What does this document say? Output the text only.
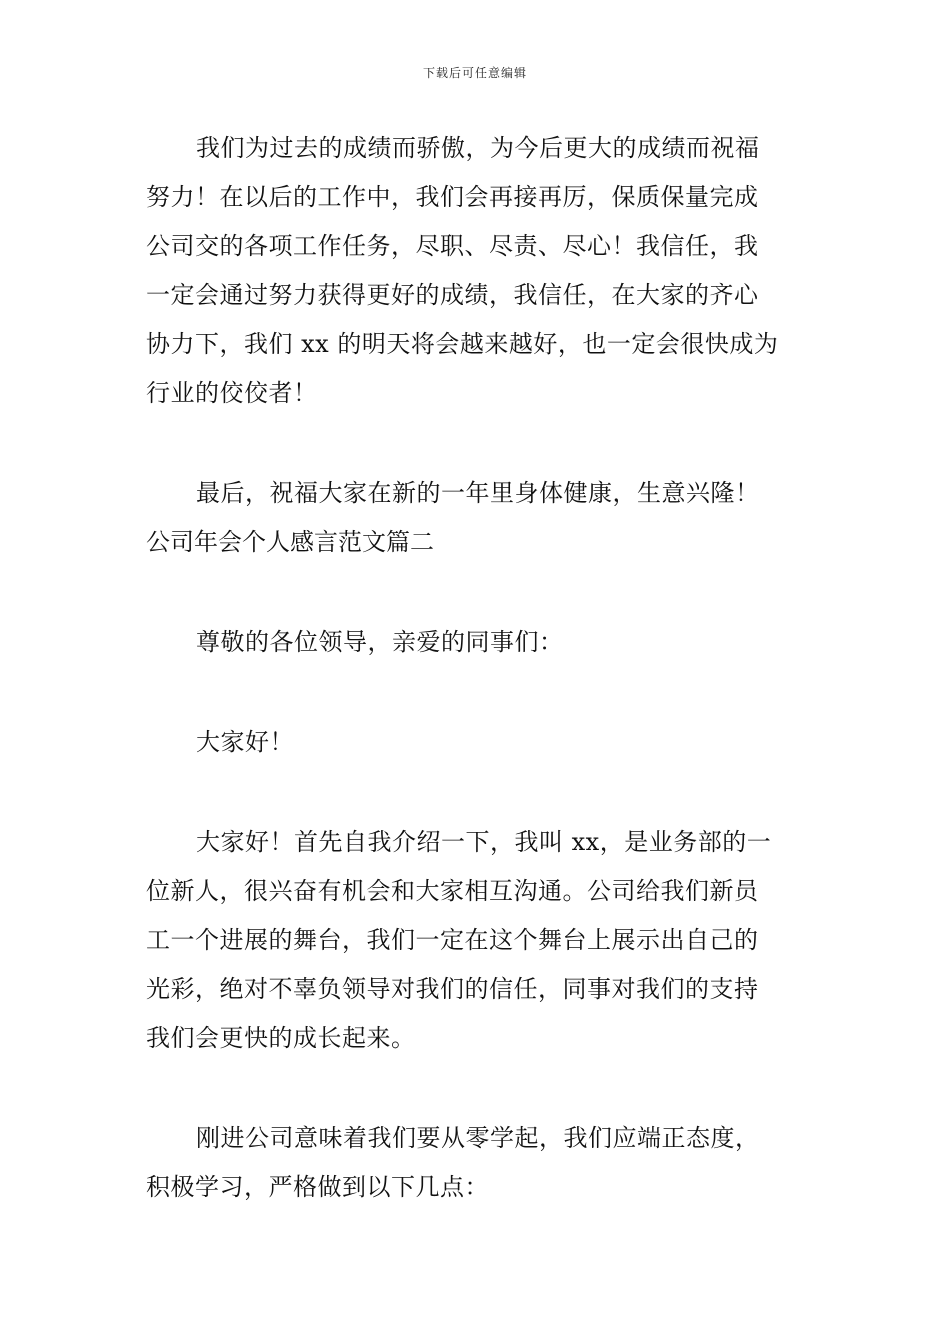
下载后可任意编辑
我们为过去的成绩而骄傲，为今后更大的成绩而祝福
努力！在以后的工作中，我们会再接再厉，保质保量完成
公司交的各项工作任务，尽职、尽责、尽心！我信任，我
一定会通过努力获得更好的成绩，我信任，在大家的齐心
协力下，我们 xx 的明天将会越来越好，也一定会很快成为
行业的佼佼者！
最后，祝福大家在新的一年里身体健康，生意兴隆！
公司年会个人感言范文篇二
尊敬的各位领导，亲爱的同事们：
大家好！
大家好！首先自我介绍一下，我叫 xx，是业务部的一
位新人，很兴奋有机会和大家相互沟通。公司给我们新员
工一个进展的舞台，我们一定在这个舞台上展示出自己的
光彩，绝对不辜负领导对我们的信任，同事对我们的支持
我们会更快的成长起来。
刚进公司意味着我们要从零学起，我们应端正态度，
积极学习，严格做到以下几点：
